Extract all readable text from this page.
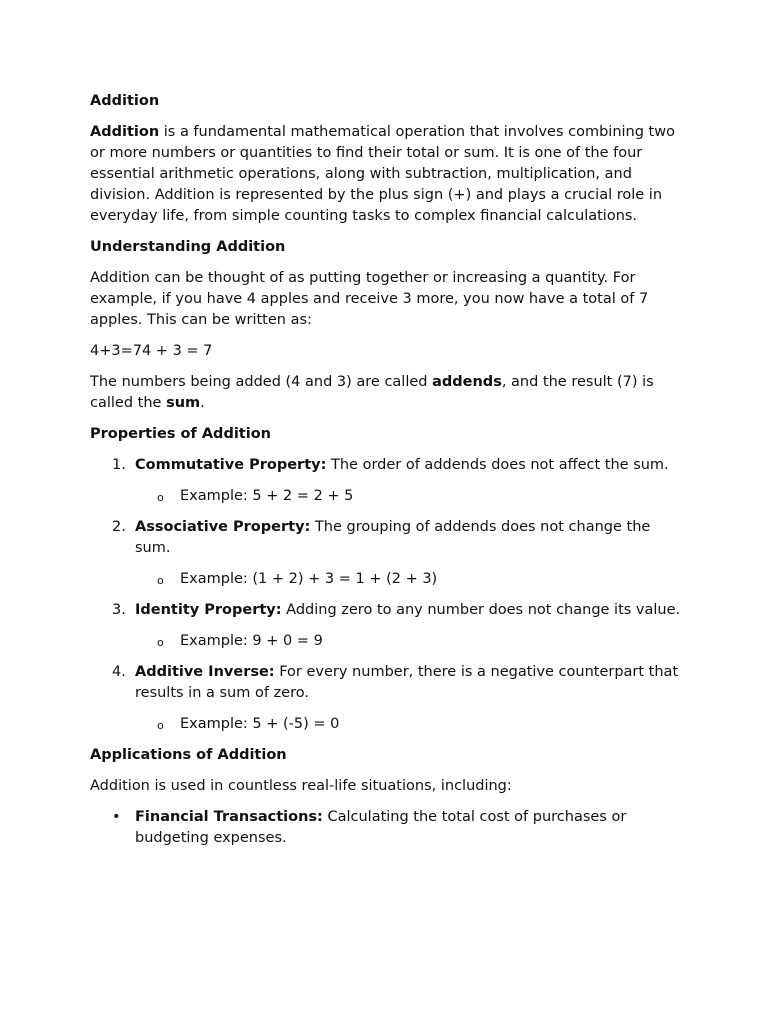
Addition

Addition is a fundamental mathematical operation that involves combining two or more numbers or quantities to find their total or sum. It is one of the four essential arithmetic operations, along with subtraction, multiplication, and division. Addition is represented by the plus sign (+) and plays a crucial role in everyday life, from simple counting tasks to complex financial calculations.

Understanding Addition

Addition can be thought of as putting together or increasing a quantity. For example, if you have 4 apples and receive 3 more, you now have a total of 7 apples. This can be written as:

4+3=74 + 3 = 7

The numbers being added (4 and 3) are called addends, and the result (7) is called the sum.

Properties of Addition

1. Commutative Property: The order of addends does not affect the sum.
o Example: 5 + 2 = 2 + 5
2. Associative Property: The grouping of addends does not change the sum.
o Example: (1 + 2) + 3 = 1 + (2 + 3)
3. Identity Property: Adding zero to any number does not change its value.
o Example: 9 + 0 = 9
4. Additive Inverse: For every number, there is a negative counterpart that results in a sum of zero.
o Example: 5 + (-5) = 0

Applications of Addition

Addition is used in countless real-life situations, including:

• Financial Transactions: Calculating the total cost of purchases or budgeting expenses.
